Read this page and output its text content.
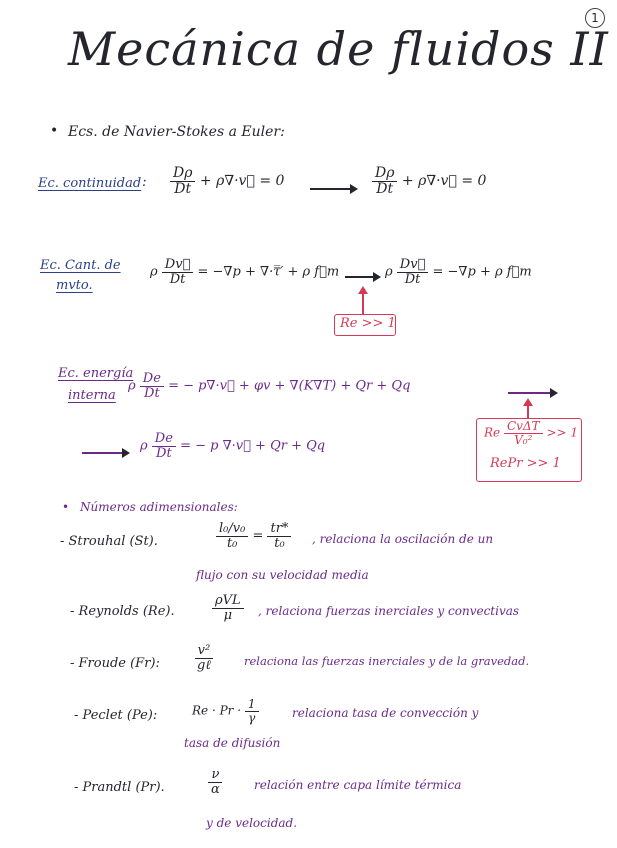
1
Mecánica de fluidos II
• Ecs. de Navier-Stokes a Euler:
Ec. continuidad : $\frac{D\rho}{Dt}$ + ρ∇·v⃗ = 0	$\frac{D\rho}{Dt}$ + ρ∇·v⃗ = 0
Ec. Cant. de
mvto.
ρ $\frac{Dv⃗}{Dt} = -\nabla p$ + ∇·τ̿′ + ρ f⃗m	ρ $\frac{Dv⃗}{Dt} = -\nabla p + \rho$ f⃗m
Re >> 1
Ec. energía
interna
ρ $\frac{De}{Dt}$ = − p∇·v⃗ + φv + ∇(K∇T) + Qr + Qq
ρ $\frac{De}{Dt}$ = − p ∇·v⃗ + Qr + Qq
Re $\frac{\text{CvΔT}}{\text{V₀²}} >> 1$
RePr >> 1
• Números adimensionales:
- Strouhal (St).	$\frac{\text{l₀/v₀}}{\text{t₀}} = \frac{tr*}{\text{t₀}}$ , relaciona la oscilación de un
flujo con su velocidad media
- Reynolds (Re).	$\frac{\text{ρVL}}{\mu}$ , relaciona fuerzas inerciales y convectivas
- Froude (Fr):	$\frac{\text{v²}}{\text{gℓ}}$	relaciona las fuerzas inerciales y de la gravedad.
- Peclet (Pe):	$Re \cdot Pr \cdot \frac{1}{\gamma}$	relaciona tasa de convección y
tasa de difusión
- Prandtl (Pr).	$\frac{\nu}{\alpha}$	relación entre capa límite térmica
y de velocidad.
